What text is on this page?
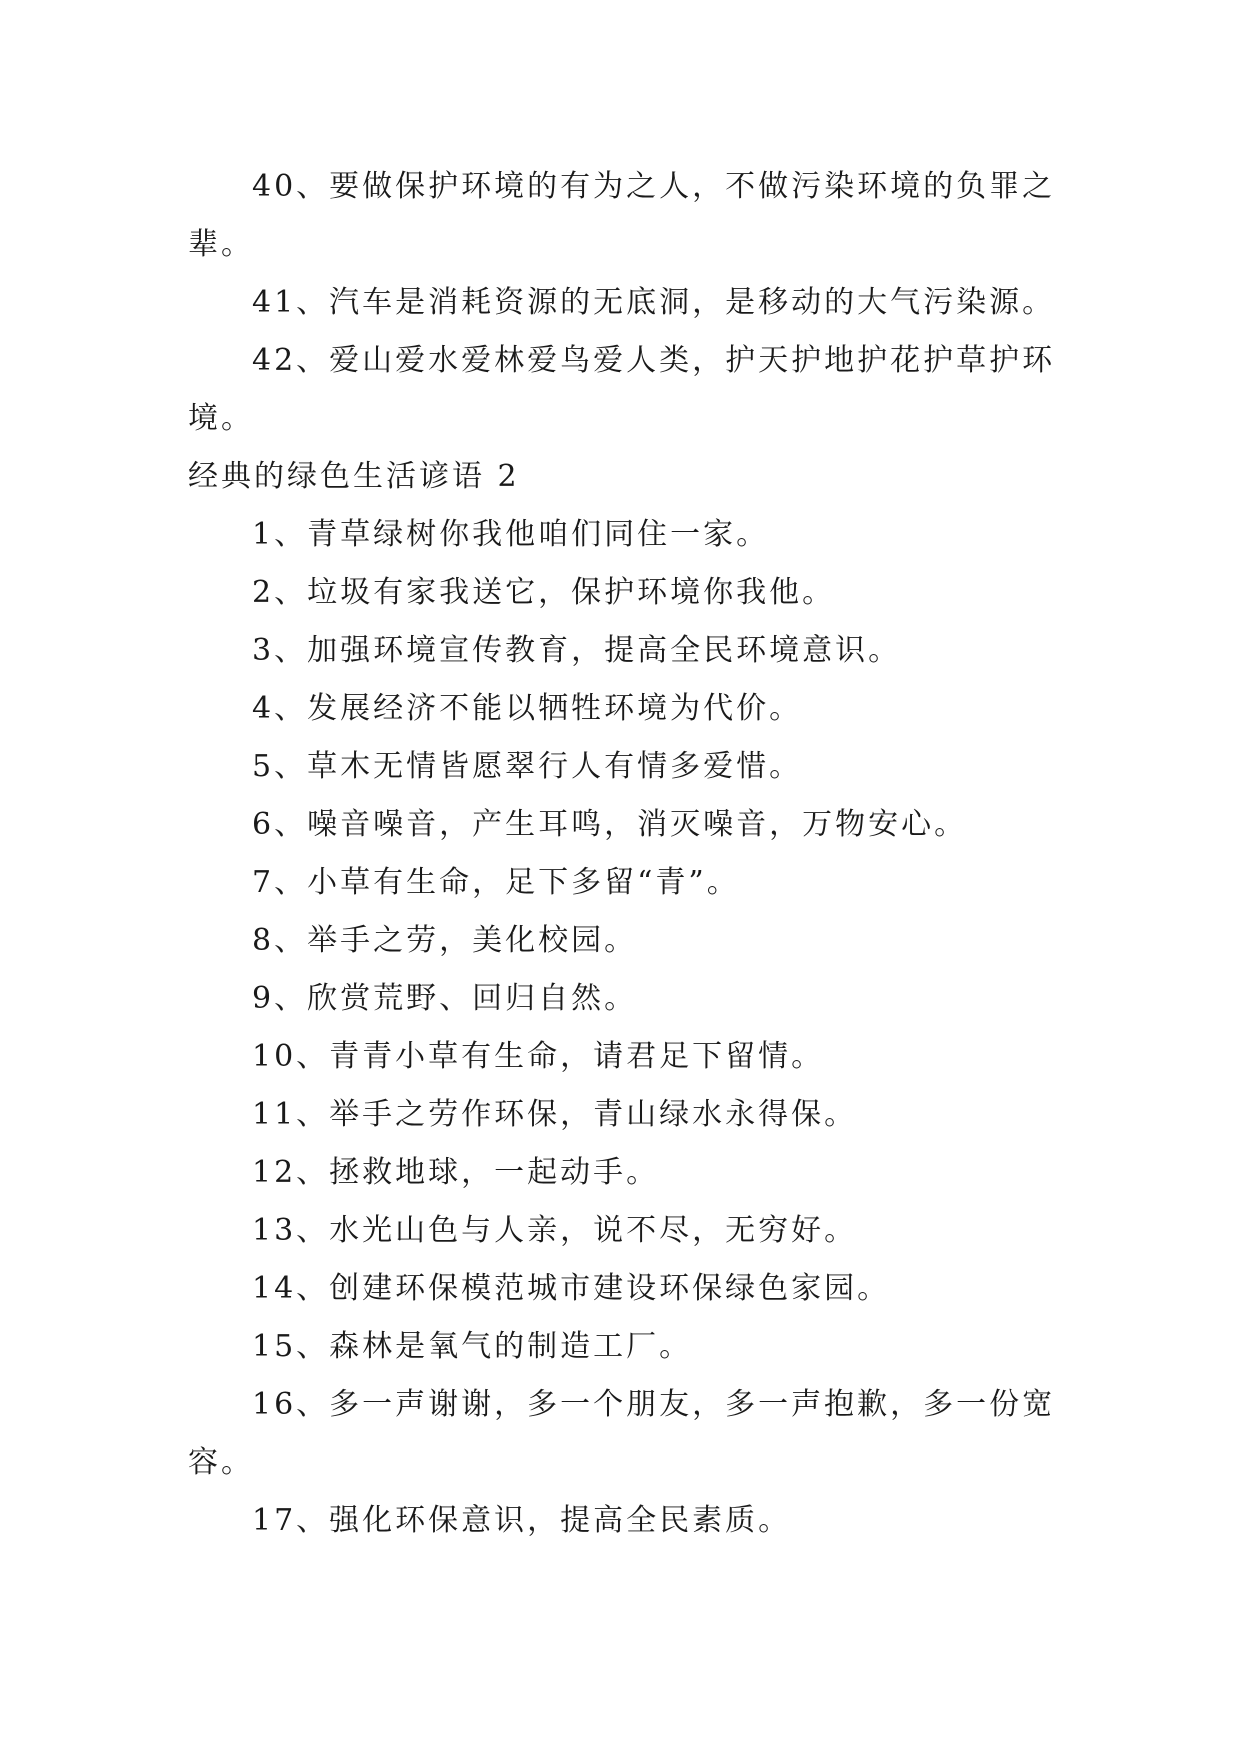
40、要做保护环境的有为之人，不做污染环境的负罪之辈。

41、汽车是消耗资源的无底洞，是移动的大气污染源。

42、爱山爱水爱林爱鸟爱人类，护天护地护花护草护环境。

经典的绿色生活谚语 2

1、青草绿树你我他咱们同住一家。

2、垃圾有家我送它，保护环境你我他。

3、加强环境宣传教育，提高全民环境意识。

4、发展经济不能以牺牲环境为代价。

5、草木无情皆愿翠行人有情多爱惜。

6、噪音噪音，产生耳鸣，消灭噪音，万物安心。

7、小草有生命，足下多留“青”。

8、举手之劳，美化校园。

9、欣赏荒野、回归自然。

10、青青小草有生命，请君足下留情。

11、举手之劳作环保，青山绿水永得保。

12、拯救地球，一起动手。

13、水光山色与人亲，说不尽，无穷好。

14、创建环保模范城市建设环保绿色家园。

15、森林是氧气的制造工厂。

16、多一声谢谢，多一个朋友，多一声抱歉，多一份宽容。

17、强化环保意识，提高全民素质。
